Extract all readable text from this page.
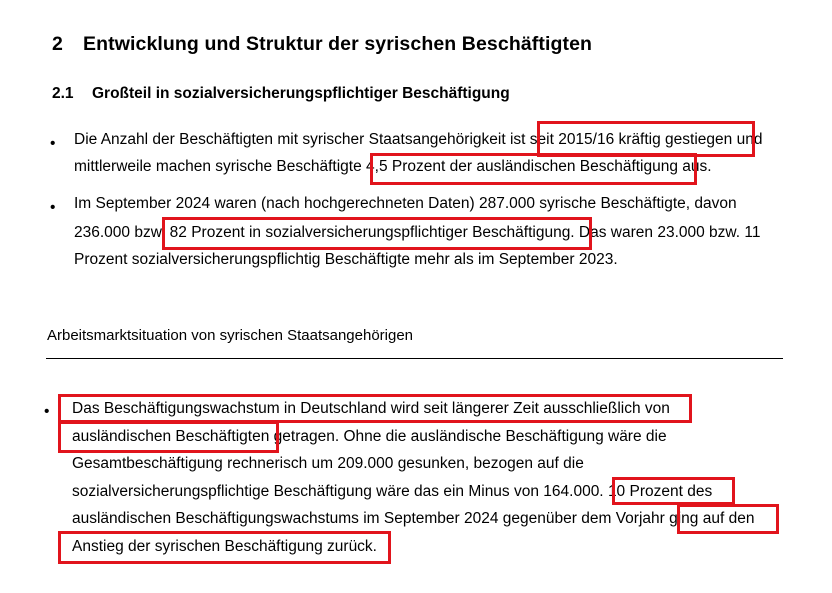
2 Entwicklung und Struktur der syrischen Beschäftigten
2.1 Großteil in sozialversicherungspflichtiger Beschäftigung
• Die Anzahl der Beschäftigten mit syrischer Staatsangehörigkeit ist seit 2015/16 kräftig gestiegen und
mittlerweile machen syrische Beschäftigte 4,5 Prozent der ausländischen Beschäftigung aus.
• Im September 2024 waren (nach hochgerechneten Daten) 287.000 syrische Beschäftigte, davon
236.000 bzw. 82 Prozent in sozialversicherungspflichtiger Beschäftigung. Das waren 23.000 bzw. 11
Prozent sozialversicherungspflichtig Beschäftigte mehr als im September 2023.
Arbeitsmarktsituation von syrischen Staatsangehörigen
• Das Beschäftigungswachstum in Deutschland wird seit längerer Zeit ausschließlich von
ausländischen Beschäftigten getragen. Ohne die ausländische Beschäftigung wäre die
Gesamtbeschäftigung rechnerisch um 209.000 gesunken, bezogen auf die
sozialversicherungspflichtige Beschäftigung wäre das ein Minus von 164.000. 10 Prozent des
ausländischen Beschäftigungswachstums im September 2024 gegenüber dem Vorjahr ging auf den
Anstieg der syrischen Beschäftigung zurück.
